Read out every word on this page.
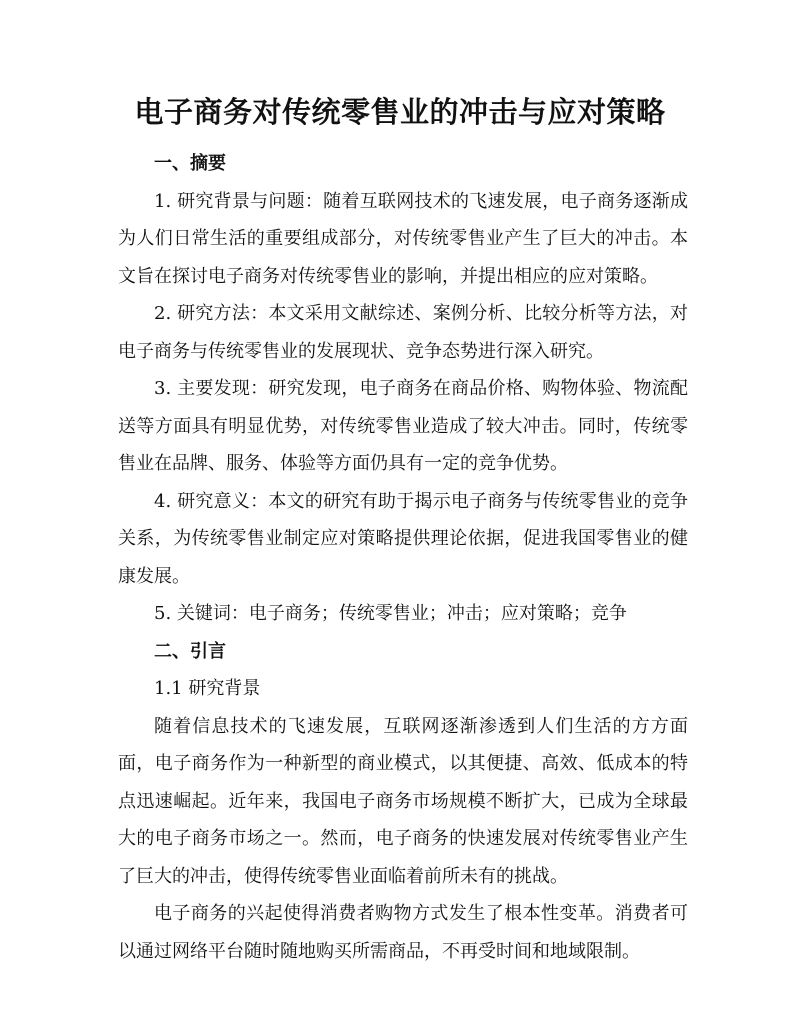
电子商务对传统零售业的冲击与应对策略

一、摘要

1. 研究背景与问题：随着互联网技术的飞速发展，电子商务逐渐成为人们日常生活的重要组成部分，对传统零售业产生了巨大的冲击。本文旨在探讨电子商务对传统零售业的影响，并提出相应的应对策略。

2. 研究方法：本文采用文献综述、案例分析、比较分析等方法，对电子商务与传统零售业的发展现状、竞争态势进行深入研究。

3. 主要发现：研究发现，电子商务在商品价格、购物体验、物流配送等方面具有明显优势，对传统零售业造成了较大冲击。同时，传统零售业在品牌、服务、体验等方面仍具有一定的竞争优势。

4. 研究意义：本文的研究有助于揭示电子商务与传统零售业的竞争关系，为传统零售业制定应对策略提供理论依据，促进我国零售业的健康发展。

5. 关键词：电子商务；传统零售业；冲击；应对策略；竞争

二、引言

1.1 研究背景

随着信息技术的飞速发展，互联网逐渐渗透到人们生活的方方面面，电子商务作为一种新型的商业模式，以其便捷、高效、低成本的特点迅速崛起。近年来，我国电子商务市场规模不断扩大，已成为全球最大的电子商务市场之一。然而，电子商务的快速发展对传统零售业产生了巨大的冲击，使得传统零售业面临着前所未有的挑战。

电子商务的兴起使得消费者购物方式发生了根本性变革。消费者可以通过网络平台随时随地购买所需商品，不再受时间和地域限制。
